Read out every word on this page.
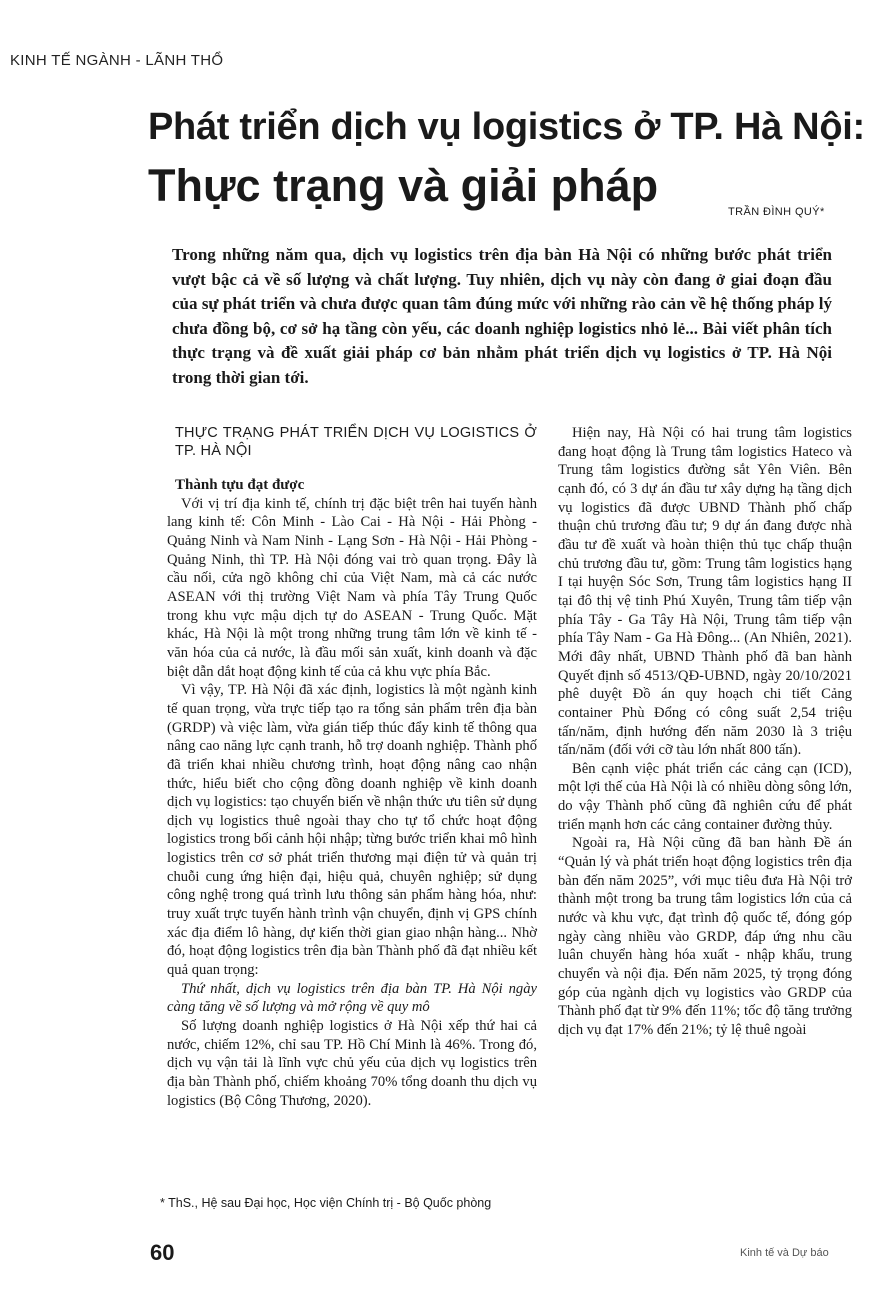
KINH TẾ NGÀNH - LÃNH THỔ
Phát triển dịch vụ logistics ở TP. Hà Nội:
Thực trạng và giải pháp
TRẦN ĐÌNH QUÝ*
Trong những năm qua, dịch vụ logistics trên địa bàn Hà Nội có những bước phát triển vượt bậc cả về số lượng và chất lượng. Tuy nhiên, dịch vụ này còn đang ở giai đoạn đầu của sự phát triển và chưa được quan tâm đúng mức với những rào cản về hệ thống pháp lý chưa đồng bộ, cơ sở hạ tầng còn yếu, các doanh nghiệp logistics nhỏ lẻ... Bài viết phân tích thực trạng và đề xuất giải pháp cơ bản nhằm phát triển dịch vụ logistics ở TP. Hà Nội trong thời gian tới.
THỰC TRẠNG PHÁT TRIỂN DỊCH VỤ LOGISTICS Ở TP. HÀ NỘI
Thành tựu đạt được

Với vị trí địa kinh tế, chính trị đặc biệt trên hai tuyến hành lang kinh tế: Côn Minh - Lào Cai - Hà Nội - Hải Phòng - Quảng Ninh và Nam Ninh - Lạng Sơn - Hà Nội - Hải Phòng - Quảng Ninh, thì TP. Hà Nội đóng vai trò quan trọng. Đây là cầu nối, cửa ngõ không chỉ của Việt Nam, mà cả các nước ASEAN với thị trường Việt Nam và phía Tây Trung Quốc trong khu vực mậu dịch tự do ASEAN - Trung Quốc. Mặt khác, Hà Nội là một trong những trung tâm lớn về kinh tế - văn hóa của cả nước, là đầu mối sản xuất, kinh doanh và đặc biệt dẫn dắt hoạt động kinh tế của cả khu vực phía Bắc.

Vì vậy, TP. Hà Nội đã xác định, logistics là một ngành kinh tế quan trọng, vừa trực tiếp tạo ra tổng sản phẩm trên địa bàn (GRDP) và việc làm, vừa gián tiếp thúc đẩy kinh tế thông qua nâng cao năng lực cạnh tranh, hỗ trợ doanh nghiệp. Thành phố đã triển khai nhiều chương trình, hoạt động nâng cao nhận thức, hiểu biết cho cộng đồng doanh nghiệp về kinh doanh dịch vụ logistics: tạo chuyển biến về nhận thức ưu tiên sử dụng dịch vụ logistics thuê ngoài thay cho tự tổ chức hoạt động logistics trong bối cảnh hội nhập; từng bước triển khai mô hình logistics trên cơ sở phát triển thương mại điện tử và quản trị chuỗi cung ứng hiện đại, hiệu quả, chuyên nghiệp; sử dụng công nghệ trong quá trình lưu thông sản phẩm hàng hóa, như: truy xuất trực tuyến hành trình vận chuyển, định vị GPS chính xác địa điểm lô hàng, dự kiến thời gian giao nhận hàng... Nhờ đó, hoạt động logistics trên địa bàn Thành phố đã đạt nhiều kết quả quan trọng:

Thứ nhất, dịch vụ logistics trên địa bàn TP. Hà Nội ngày càng tăng về số lượng và mở rộng về quy mô

Số lượng doanh nghiệp logistics ở Hà Nội xếp thứ hai cả nước, chiếm 12%, chỉ sau TP. Hồ Chí Minh là 46%. Trong đó, dịch vụ vận tải là lĩnh vực chủ yếu của dịch vụ logistics trên địa bàn Thành phố, chiếm khoảng 70% tổng doanh thu dịch vụ logistics (Bộ Công Thương, 2020).

Hiện nay, Hà Nội có hai trung tâm logistics đang hoạt động là Trung tâm logistics Hateco và Trung tâm logistics đường sắt Yên Viên. Bên cạnh đó, có 3 dự án đầu tư xây dựng hạ tầng dịch vụ logistics đã được UBND Thành phố chấp thuận chủ trương đầu tư; 9 dự án đang được nhà đầu tư đề xuất và hoàn thiện thủ tục chấp thuận chủ trương đầu tư, gồm: Trung tâm logistics hạng I tại huyện Sóc Sơn, Trung tâm logistics hạng II tại đô thị vệ tinh Phú Xuyên, Trung tâm tiếp vận phía Tây - Ga Tây Hà Nội, Trung tâm tiếp vận phía Tây Nam - Ga Hà Đông... (An Nhiên, 2021). Mới đây nhất, UBND Thành phố đã ban hành Quyết định số 4513/QĐ-UBND, ngày 20/10/2021 phê duyệt Đồ án quy hoạch chi tiết Cảng container Phù Đổng có công suất 2,54 triệu tấn/năm, định hướng đến năm 2030 là 3 triệu tấn/năm (đối với cỡ tàu lớn nhất 800 tấn).

Bên cạnh việc phát triển các cảng cạn (ICD), một lợi thế của Hà Nội là có nhiều dòng sông lớn, do vậy Thành phố cũng đã nghiên cứu để phát triển mạnh hơn các cảng container đường thủy.

Ngoài ra, Hà Nội cũng đã ban hành Đề án “Quản lý và phát triển hoạt động logistics trên địa bàn đến năm 2025”, với mục tiêu đưa Hà Nội trở thành một trong ba trung tâm logistics lớn của cả nước và khu vực, đạt trình độ quốc tế, đóng góp ngày càng nhiều vào GRDP, đáp ứng nhu cầu luân chuyển hàng hóa xuất - nhập khẩu, trung chuyển và nội địa. Đến năm 2025, tỷ trọng đóng góp của ngành dịch vụ logistics vào GRDP của Thành phố đạt từ 9% đến 11%; tốc độ tăng trưởng dịch vụ đạt 17% đến 21%; tỷ lệ thuê ngoài

* ThS., Hệ sau Đại học, Học viện Chính trị - Bộ Quốc phòng
60	Kinh tế và Dự báo
